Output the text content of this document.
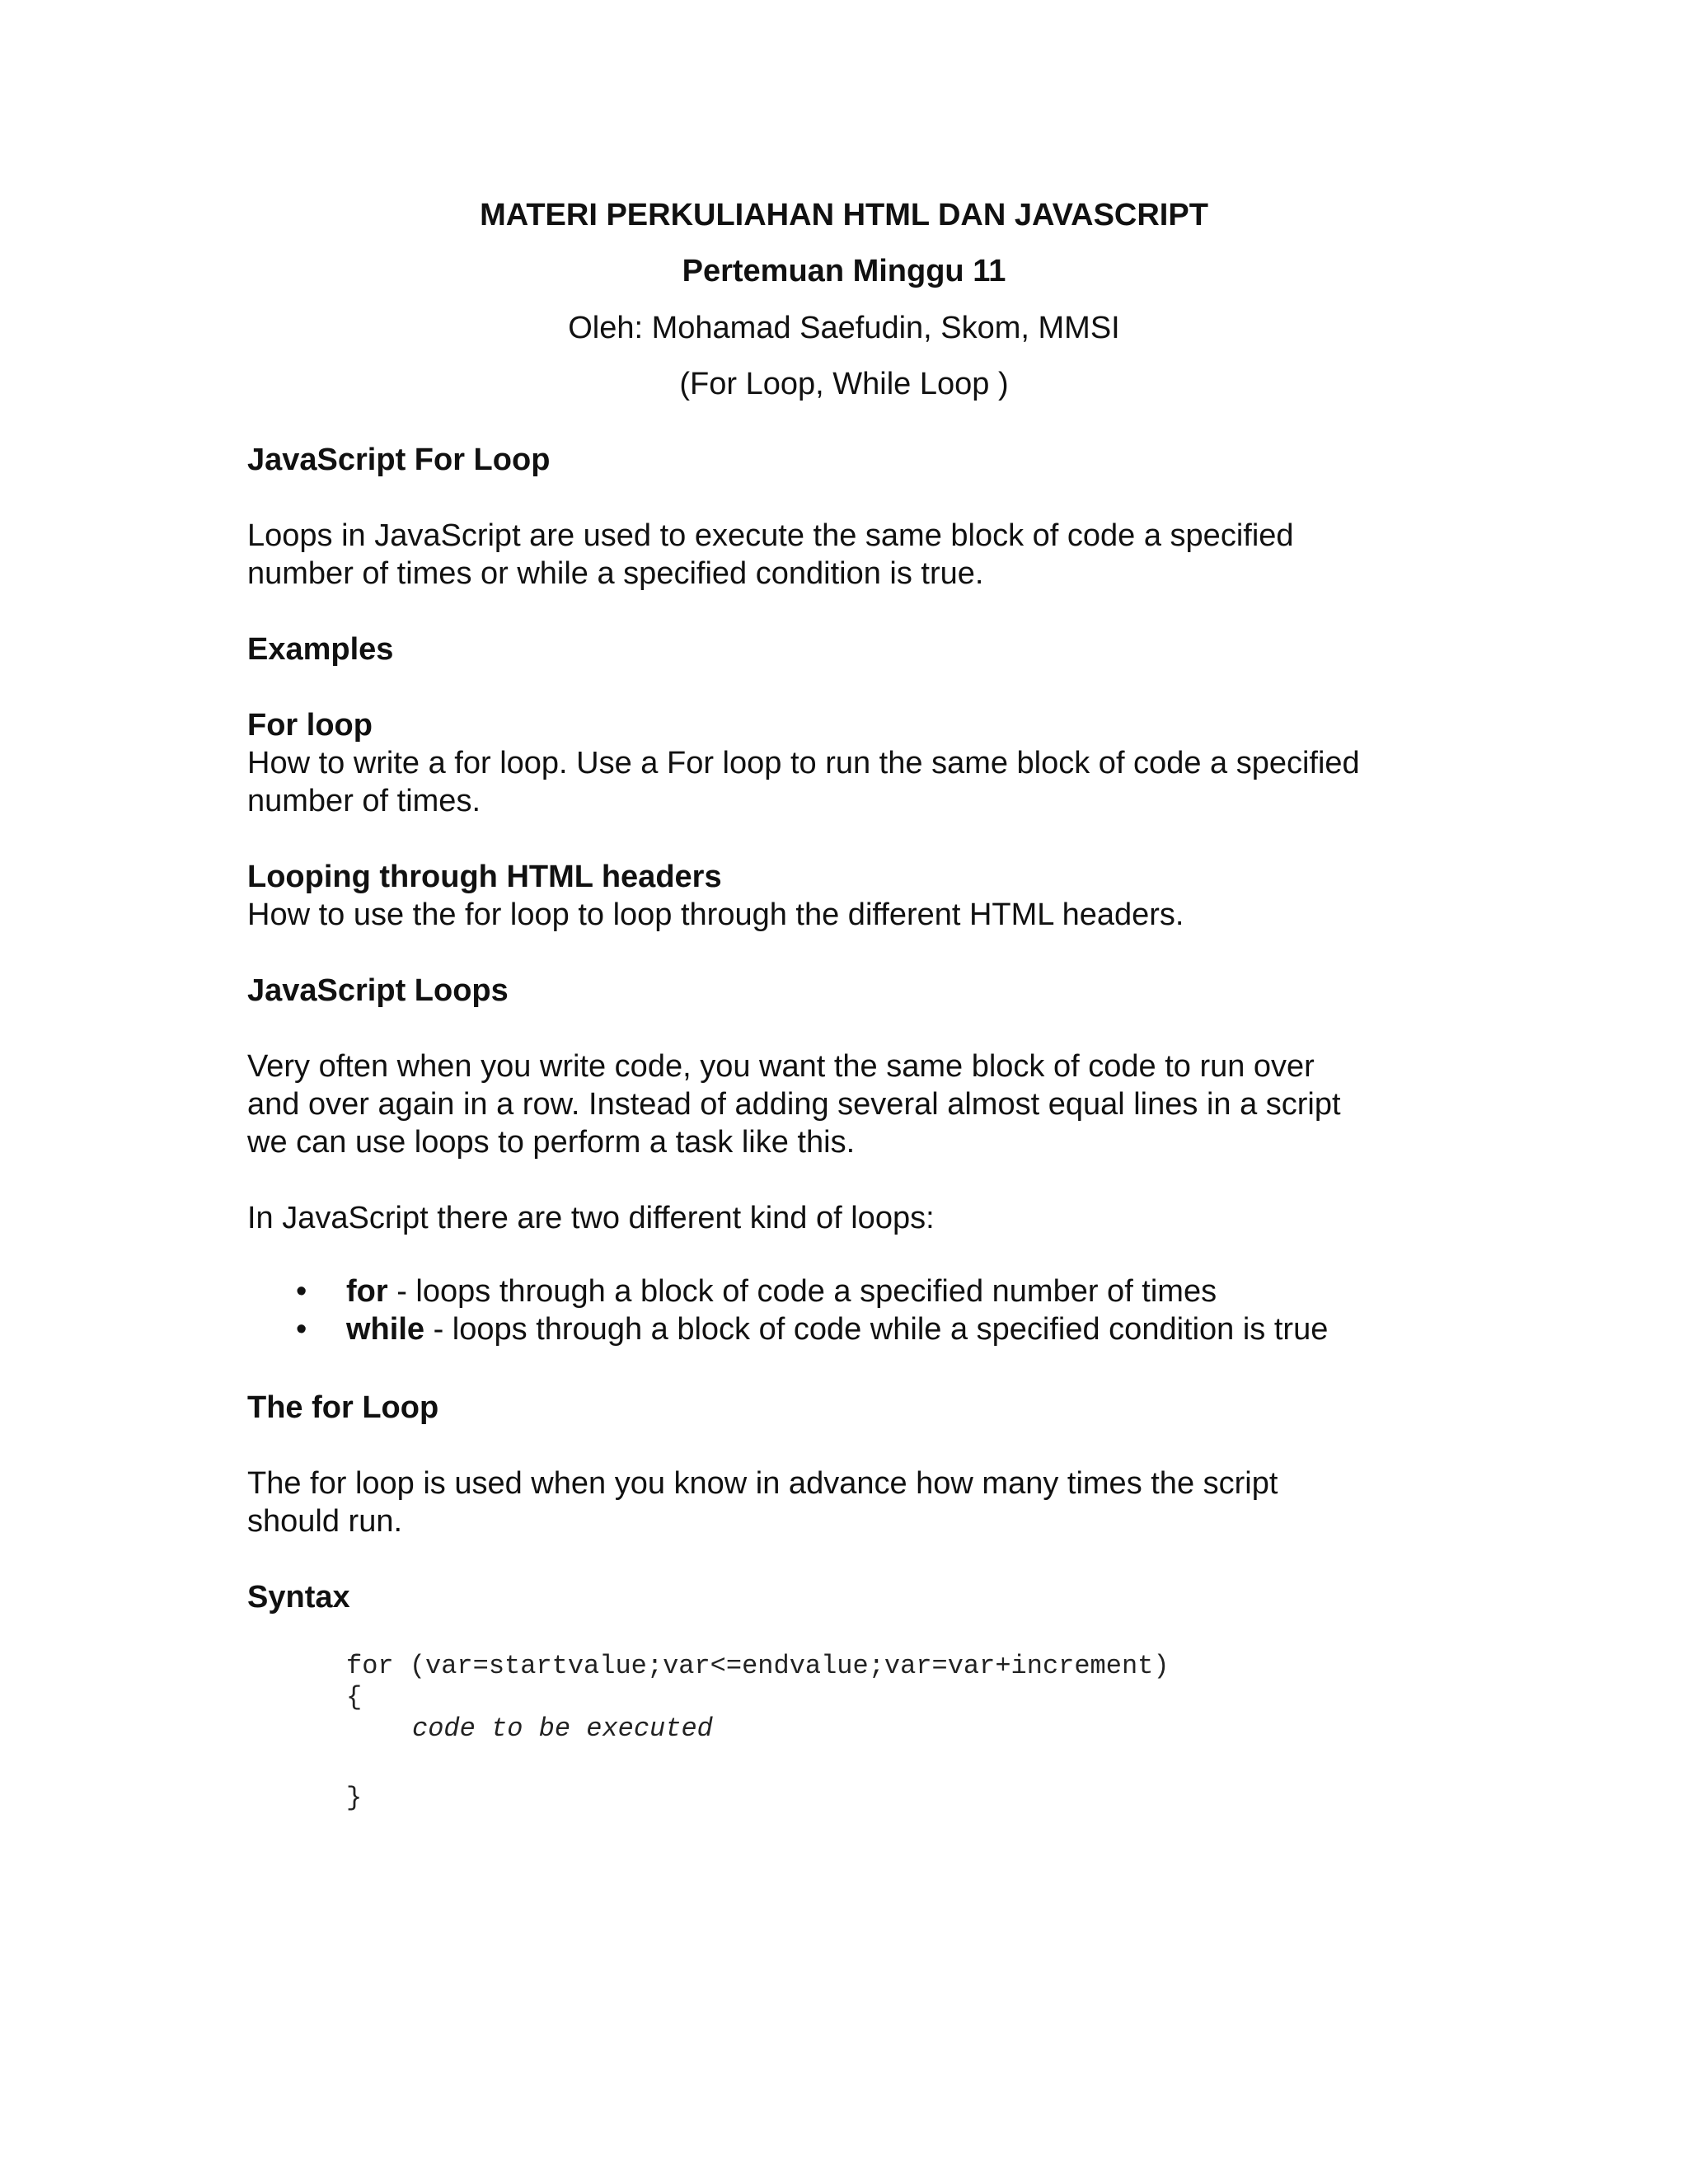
MATERI PERKULIAHAN HTML DAN JAVASCRIPT
Pertemuan Minggu 11
Oleh: Mohamad Saefudin, Skom, MMSI
(For Loop, While Loop )
JavaScript For Loop
Loops in JavaScript are used to execute the same block of code a specified
number of times or while a specified condition is true.
Examples
For loop
How to write a for loop. Use a For loop to run the same block of code a specified
number of times.
Looping through HTML headers
How to use the for loop to loop through the different HTML headers.
JavaScript Loops
Very often when you write code, you want the same block of code to run over
and over again in a row. Instead of adding several almost equal lines in a script
we can use loops to perform a task like this.
In JavaScript there are two different kind of loops:
• for - loops through a block of code a specified number of times
• while - loops through a block of code while a specified condition is true
The for Loop
The for loop is used when you know in advance how many times the script
should run.
Syntax
for (var=startvalue;var<=endvalue;var=var+increment)
{
code to be executed
}
